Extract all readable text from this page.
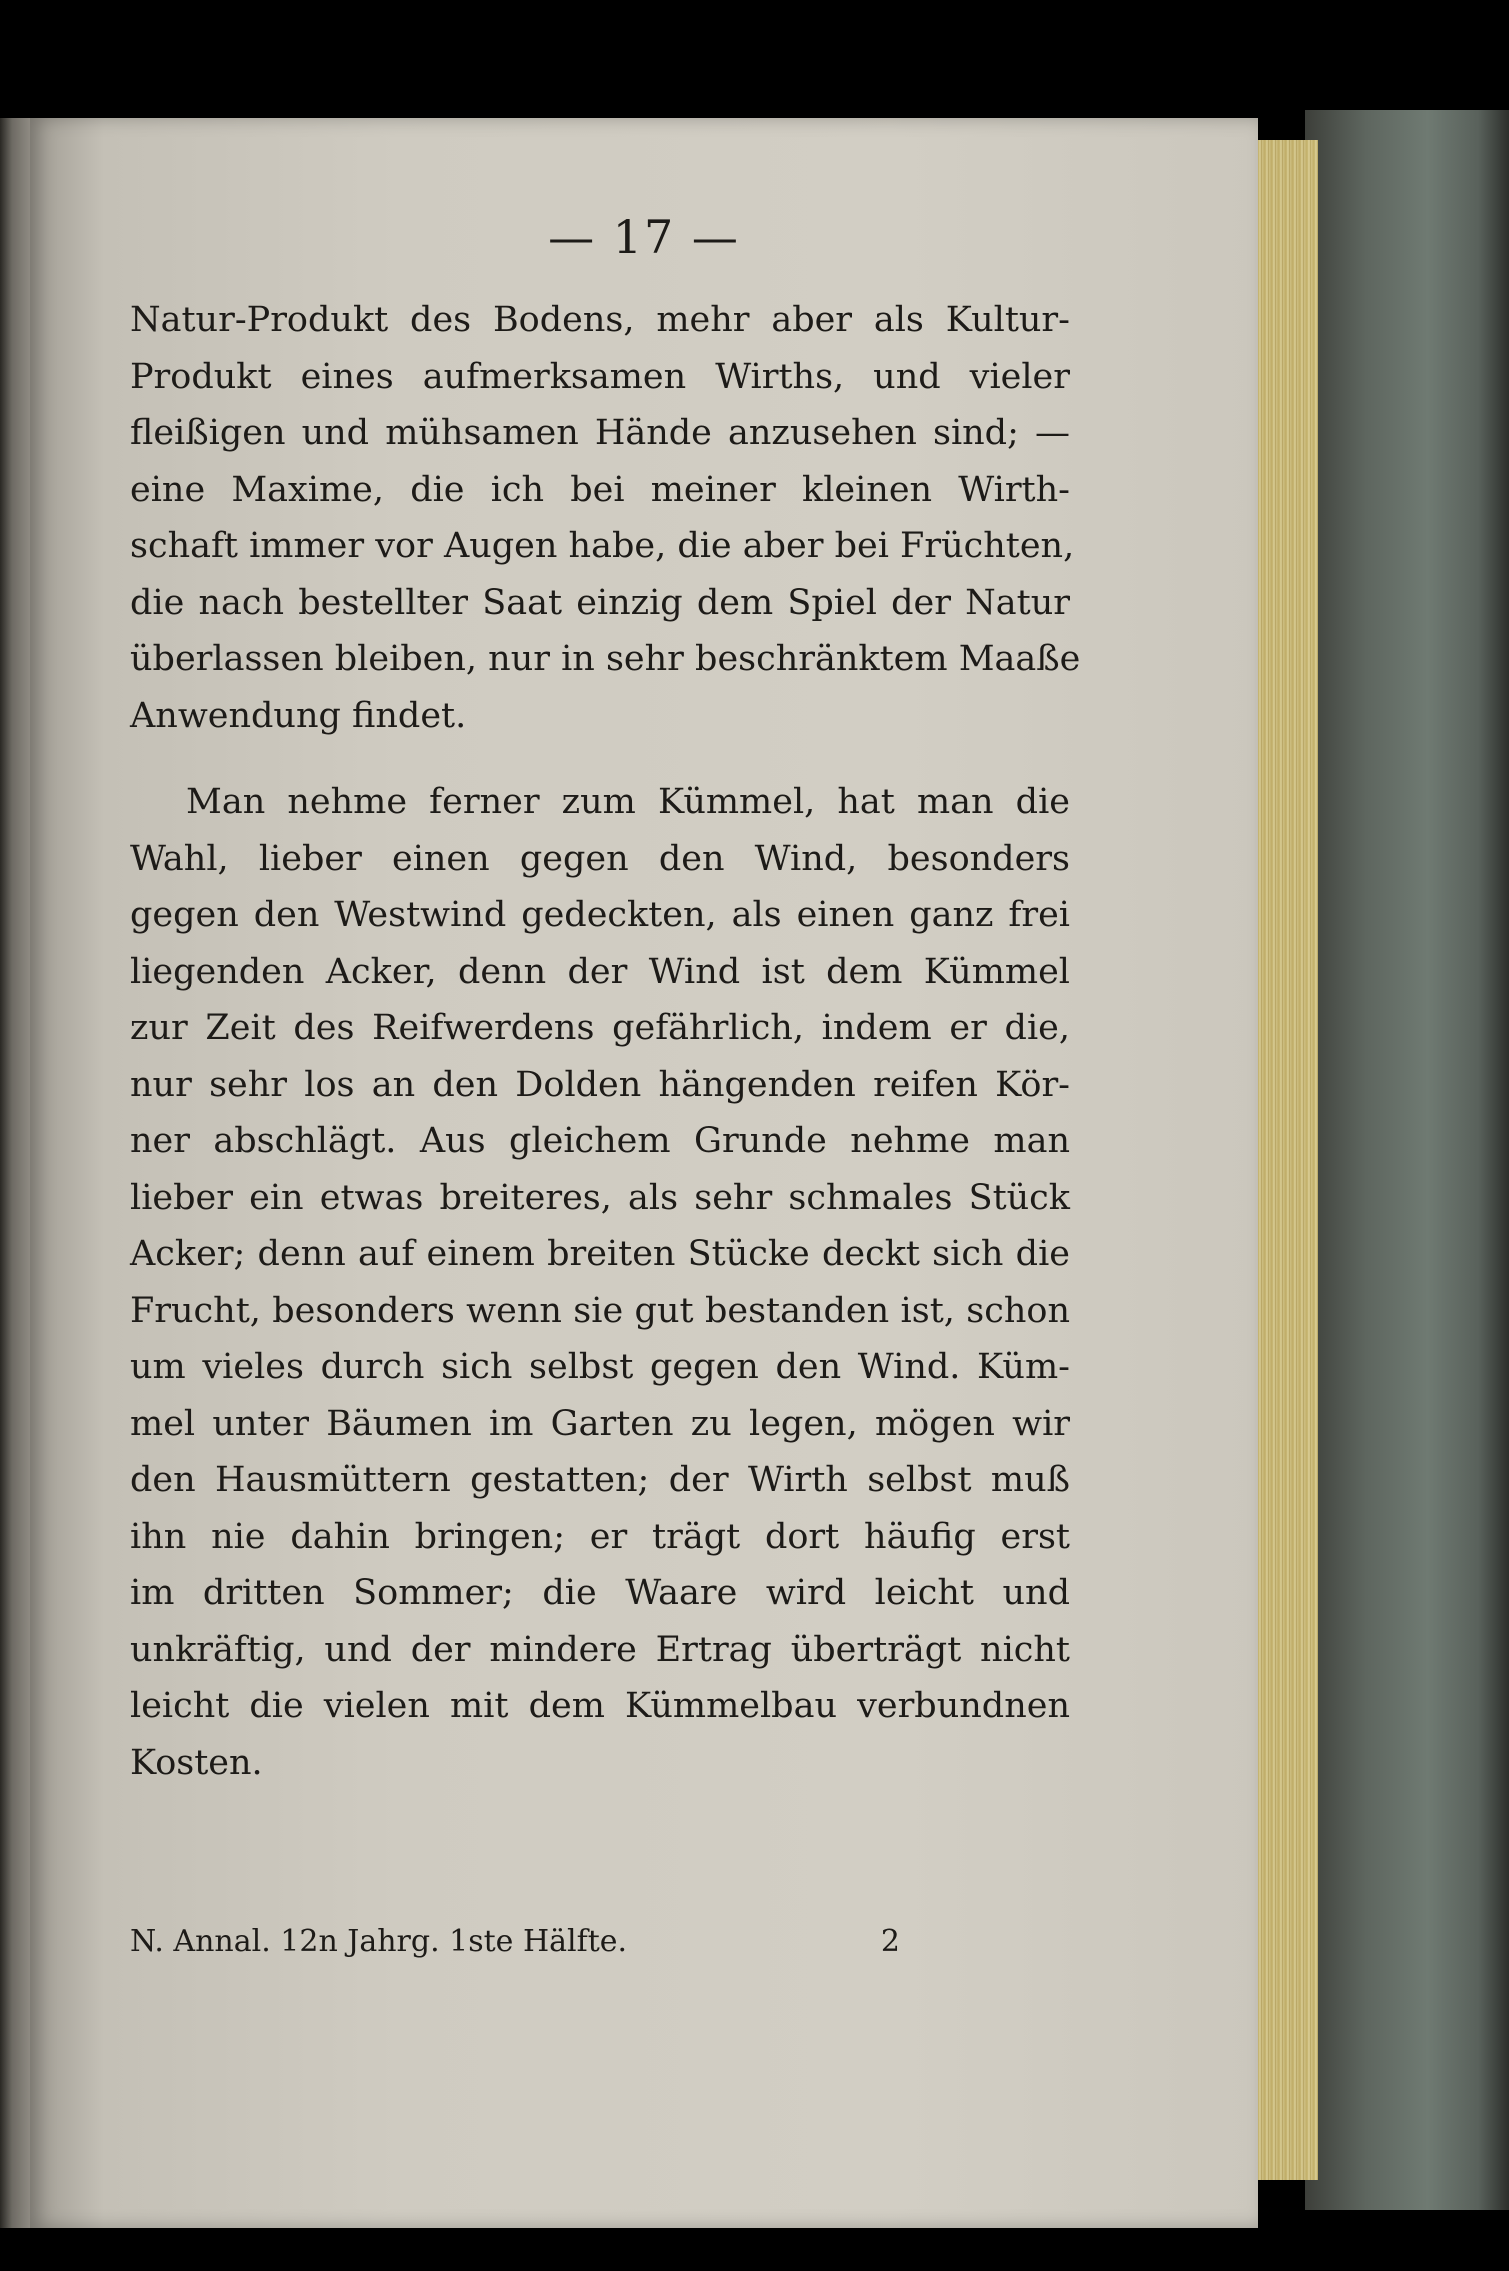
— 17 —
Natur-Produkt des Bodens, mehr aber als Kultur-
Produkt eines aufmerksamen Wirths, und vieler
fleißigen und mühsamen Hände anzusehen sind; —
eine Maxime, die ich bei meiner kleinen Wirth-
schaft immer vor Augen habe, die aber bei Früchten,
die nach bestellter Saat einzig dem Spiel der Natur
überlassen bleiben, nur in sehr beschränktem Maaße
Anwendung findet.
Man nehme ferner zum Kümmel, hat man die
Wahl, lieber einen gegen den Wind, besonders
gegen den Westwind gedeckten, als einen ganz frei
liegenden Acker, denn der Wind ist dem Kümmel
zur Zeit des Reifwerdens gefährlich, indem er die,
nur sehr los an den Dolden hängenden reifen Kör-
ner abschlägt. Aus gleichem Grunde nehme man
lieber ein etwas breiteres, als sehr schmales Stück
Acker; denn auf einem breiten Stücke deckt sich die
Frucht, besonders wenn sie gut bestanden ist, schon
um vieles durch sich selbst gegen den Wind. Küm-
mel unter Bäumen im Garten zu legen, mögen wir
den Hausmüttern gestatten; der Wirth selbst muß
ihn nie dahin bringen; er trägt dort häufig erst
im dritten Sommer; die Waare wird leicht und
unkräftig, und der mindere Ertrag überträgt nicht
leicht die vielen mit dem Kümmelbau verbundnen
Kosten.
N. Annal. 12n Jahrg. 1ste Hälfte.	2
